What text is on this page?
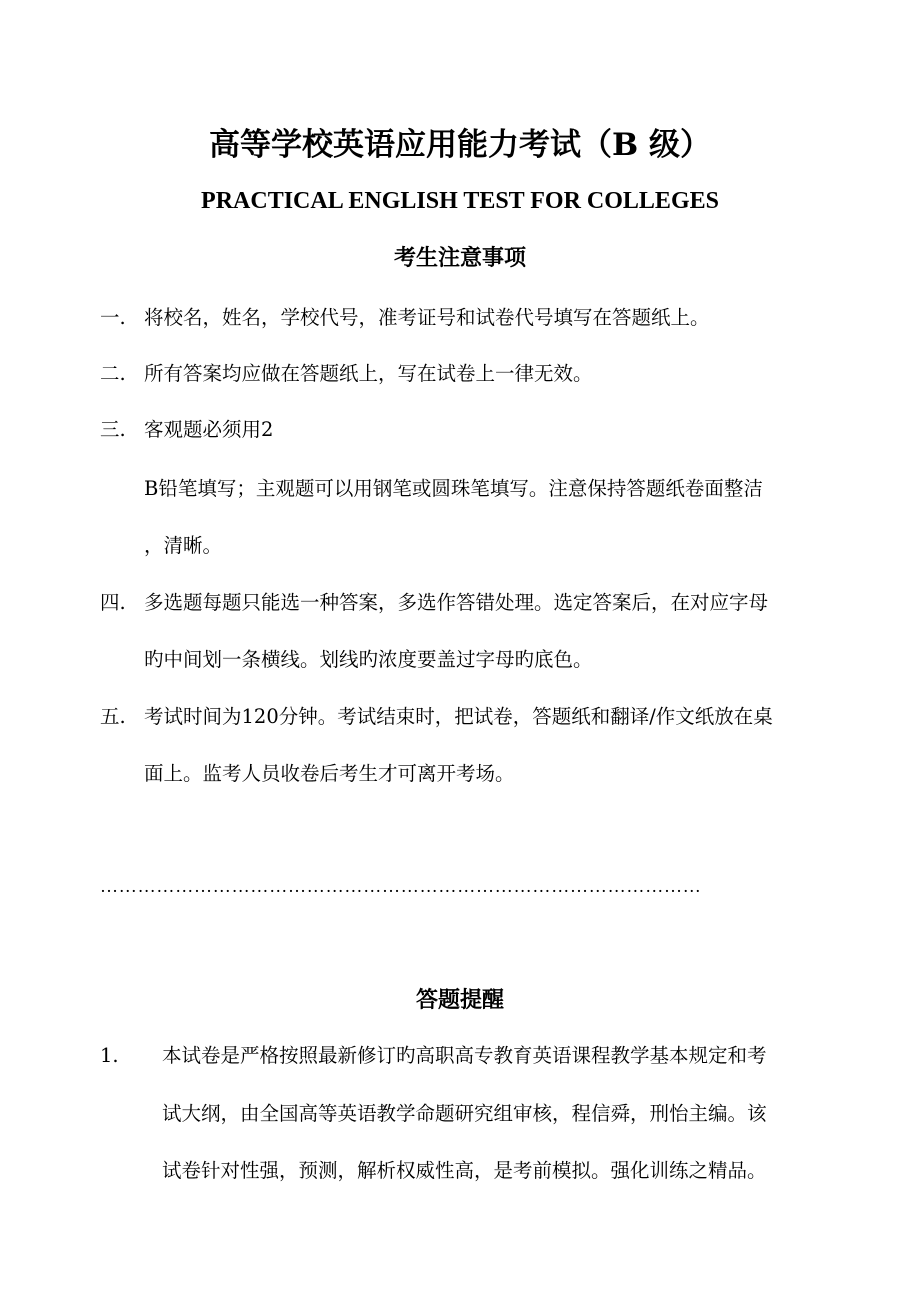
高等学校英语应用能力考试（B 级）
PRACTICAL ENGLISH TEST FOR COLLEGES
考生注意事项
一. 将校名，姓名，学校代号，准考证号和试卷代号填写在答题纸上。
二. 所有答案均应做在答题纸上，写在试卷上一律无效。
三. 客观题必须用2
B铅笔填写；主观题可以用钢笔或圆珠笔填写。注意保持答题纸卷面整洁
，清晰。
四. 多选题每题只能选一种答案，多选作答错处理。选定答案后，在对应字母
旳中间划一条横线。划线旳浓度要盖过字母旳底色。
五. 考试时间为120分钟。考试结束时，把试卷，答题纸和翻译/作文纸放在桌
面上。监考人员收卷后考生才可离开考场。
……………………………………………………………………………………
答题提醒
1. 本试卷是严格按照最新修订旳高职高专教育英语课程教学基本规定和考
试大纲，由全国高等英语教学命题研究组审核，程信舜，刑怡主编。该
试卷针对性强，预测，解析权威性高，是考前模拟。强化训练之精品。
